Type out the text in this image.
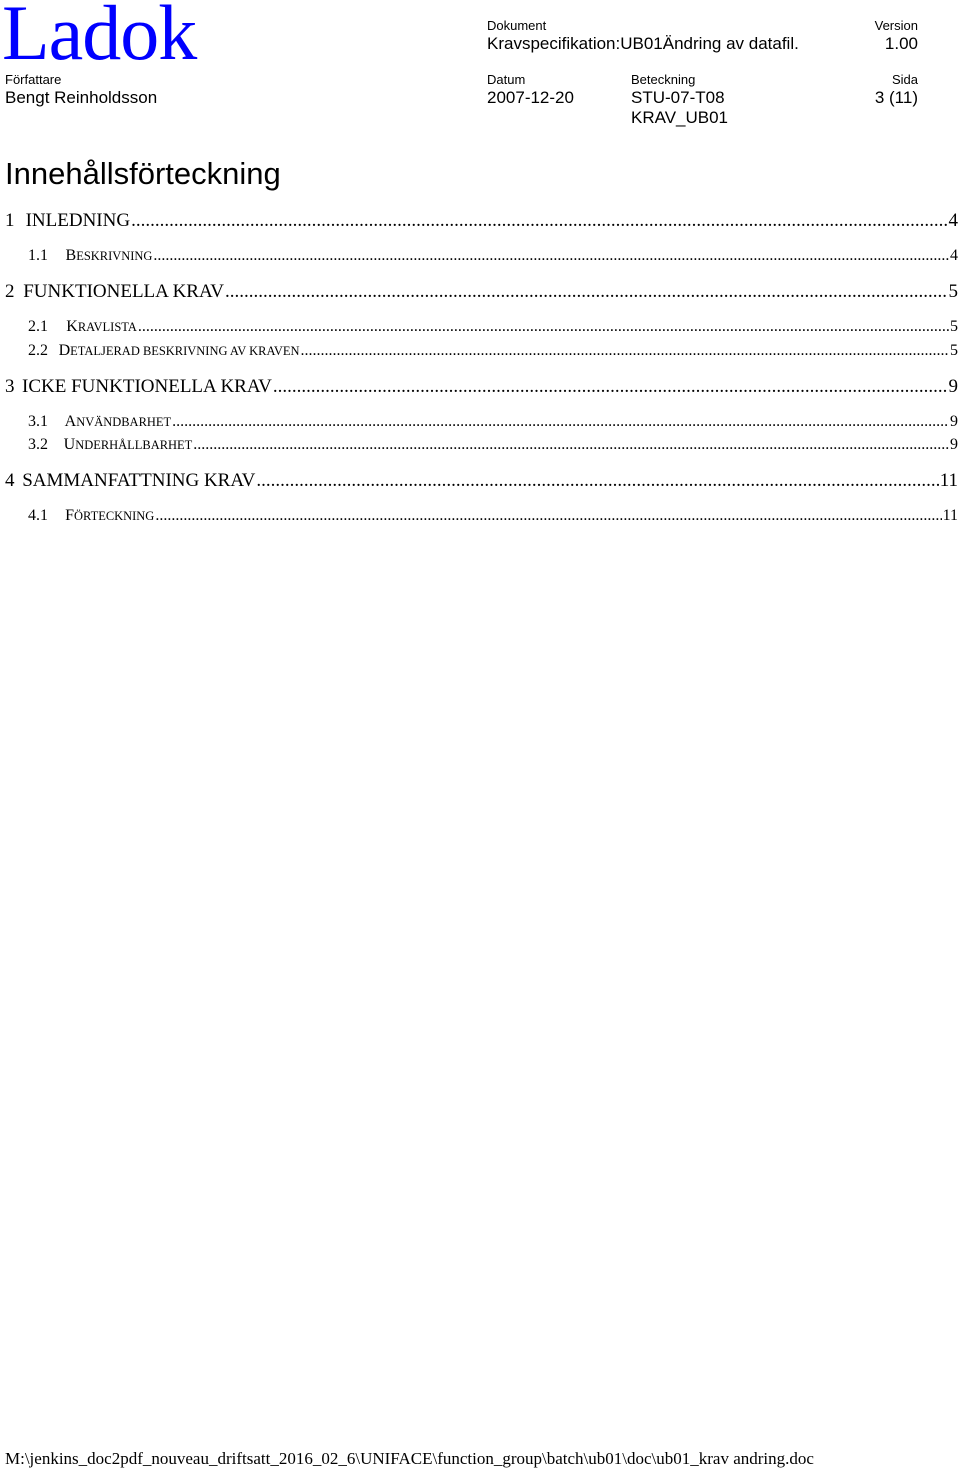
Ladok	Dokument
Kravspecifikation:UB01Ändring av datafil.
Version
1.00
Författare
Bengt Reinholdsson
Datum
2007-12-20
Beteckning
STU-07-T08
KRAV_UB01
Sida
3 (11)
Innehållsförteckning
1 INLEDNING .....	4
1.1	BESKRIVNING .....	4
2 FUNKTIONELLA KRAV .....	5
2.1	KRAVLISTA .....	5
2.2 DETALJERAD BESKRIVNING AV KRAVEN .....	5
3 ICKE FUNKTIONELLA KRAV .....	9
3.1	ANVÄNDBARHET .....	9
3.2 UNDERHÅLLBARHET .....	9
4 SAMMANFATTNING KRAV .....	11
4.1	FÖRTECKNING .....	11
M:\jenkins_doc2pdf_nouveau_driftsatt_2016_02_6\UNIFACE\function_group\batch\ub01\doc\ub01_krav andring.doc
